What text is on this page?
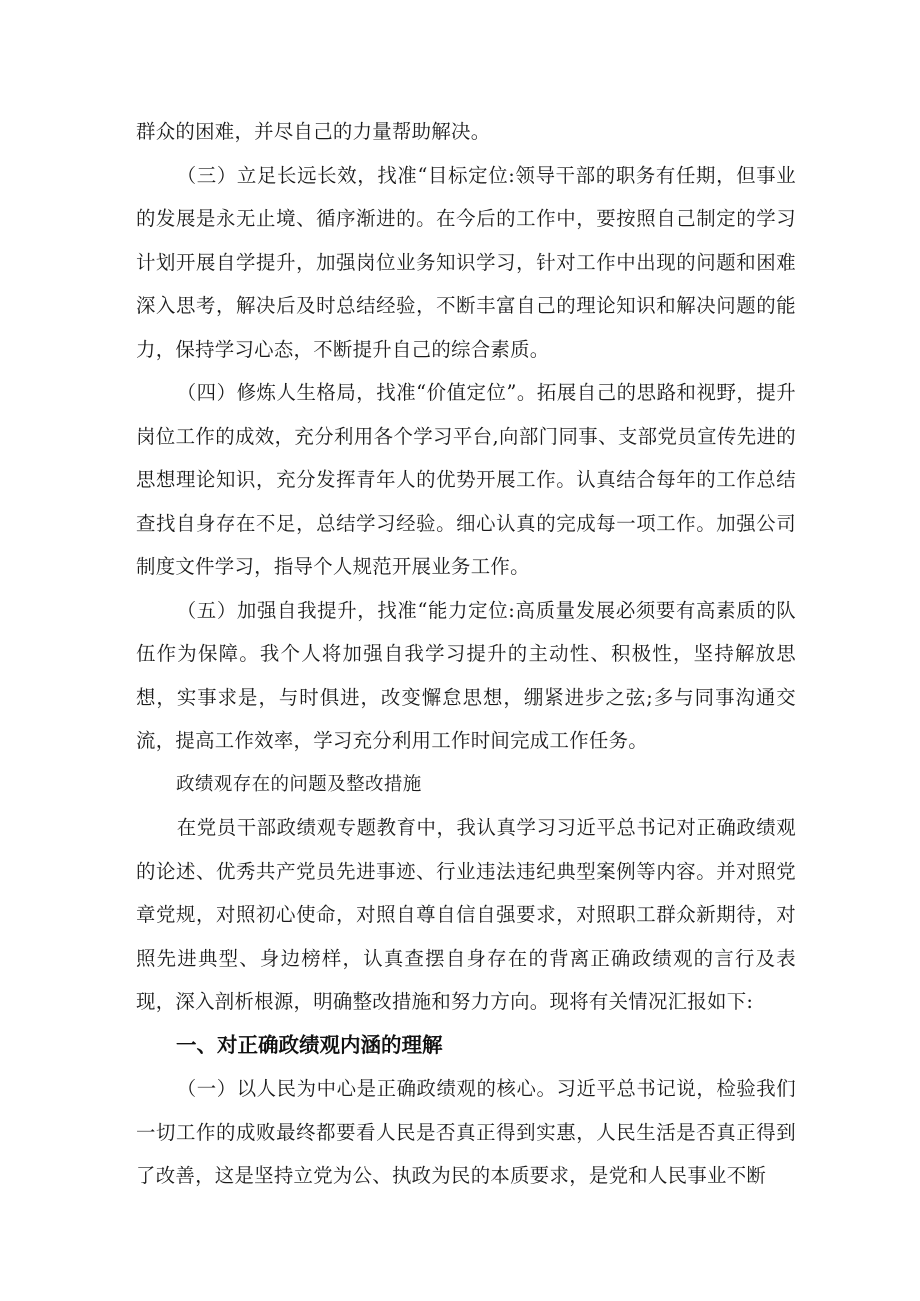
群众的困难，并尽自己的力量帮助解决。

（三）立足长远长效，找准“目标定位:领导干部的职务有任期，但事业的发展是永无止境、循序渐进的。在今后的工作中，要按照自己制定的学习计划开展自学提升，加强岗位业务知识学习，针对工作中出现的问题和困难深入思考，解决后及时总结经验，不断丰富自己的理论知识和解决问题的能力，保持学习心态，不断提升自己的综合素质。

（四）修炼人生格局，找准“价值定位”。拓展自己的思路和视野，提升岗位工作的成效，充分利用各个学习平台,向部门同事、支部党员宣传先进的思想理论知识，充分发挥青年人的优势开展工作。认真结合每年的工作总结查找自身存在不足，总结学习经验。细心认真的完成每一项工作。加强公司制度文件学习，指导个人规范开展业务工作。

（五）加强自我提升，找准“能力定位:高质量发展必须要有高素质的队伍作为保障。我个人将加强自我学习提升的主动性、积极性，坚持解放思想，实事求是，与时俱进，改变懈怠思想，绷紧进步之弦;多与同事沟通交流，提高工作效率，学习充分利用工作时间完成工作任务。

政绩观存在的问题及整改措施

在党员干部政绩观专题教育中，我认真学习习近平总书记对正确政绩观的论述、优秀共产党员先进事迹、行业违法违纪典型案例等内容。并对照党章党规，对照初心使命，对照自尊自信自强要求，对照职工群众新期待，对照先进典型、身边榜样，认真查摆自身存在的背离正确政绩观的言行及表现，深入剖析根源，明确整改措施和努力方向。现将有关情况汇报如下:

一、对正确政绩观内涵的理解

（一）以人民为中心是正确政绩观的核心。习近平总书记说，检验我们一切工作的成败最终都要看人民是否真正得到实惠，人民生活是否真正得到了改善，这是坚持立党为公、执政为民的本质要求，是党和人民事业不断
